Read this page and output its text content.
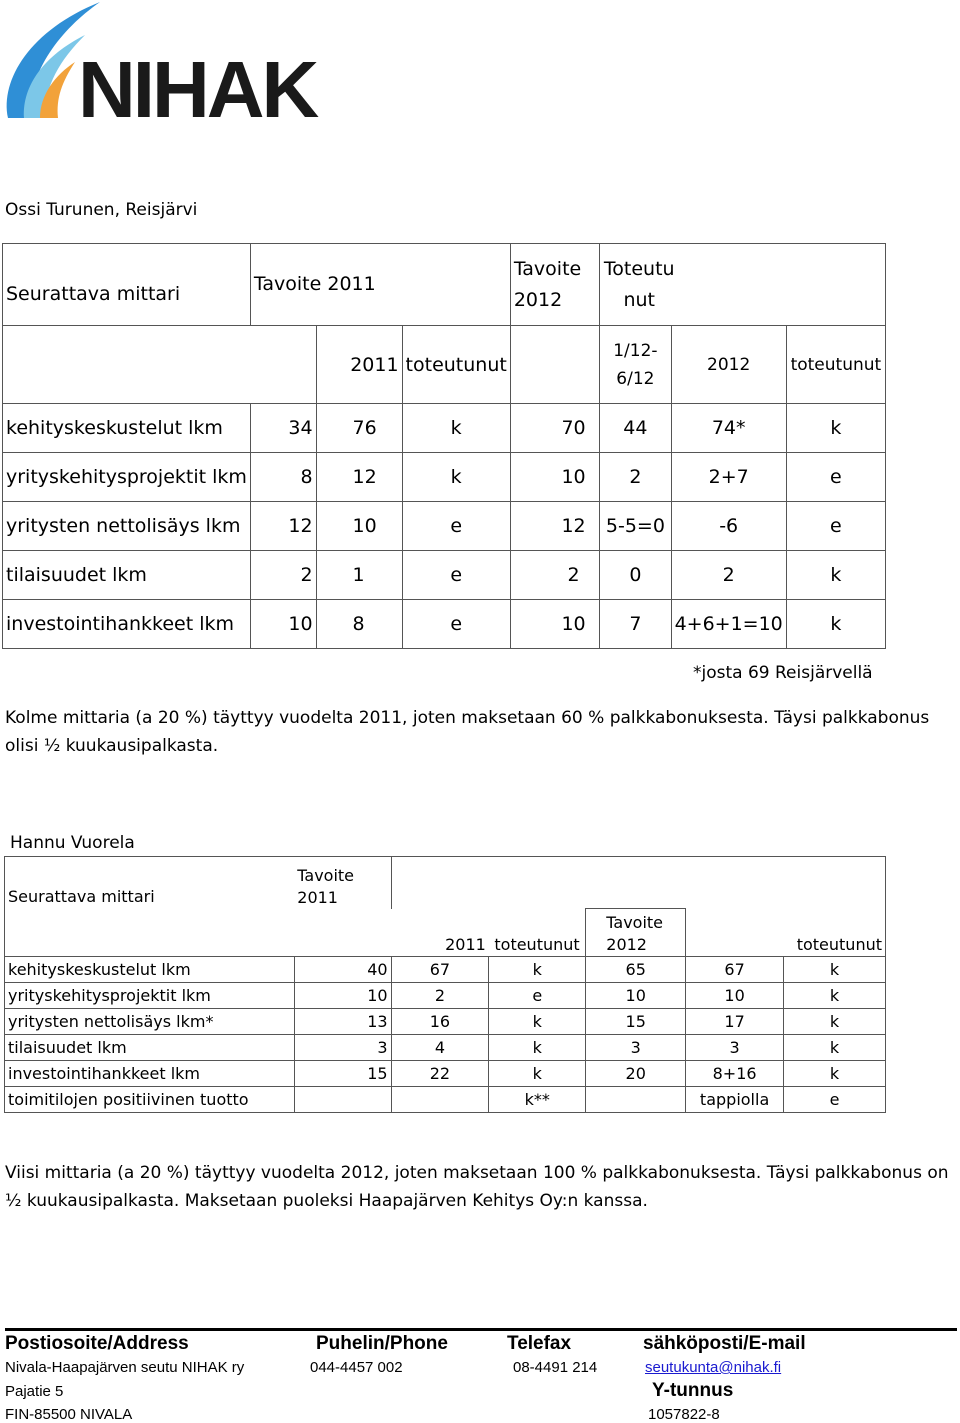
NIHAK
Ossi Turunen, Reisjärvi
Seurattava mittari	Tavoite 2011			Tavoite 2012	Toteutu nut		
		2011	toteutunut		1/12-6/12	2012	toteutunut
kehityskeskustelut lkm	34	76	k	70	44	74*	k
yrityskehitysprojektit lkm	8	12	k	10	2	2+7	e
yritysten nettolisäys lkm	12	10	e	12	5-5=0	-6	e
tilaisuudet lkm	2	1	e	2	0	2	k
investointihankkeet lkm	10	8	e	10	7	4+6+1=10	k
*josta 69 Reisjärvellä
Kolme mittaria (a 20 %) täyttyy vuodelta 2011, joten maksetaan 60 % palkkabonuksesta. Täysi palkkabonus olisi ½ kuukausipalkasta.
Hannu Vuorela
Seurattava mittari	Tavoite 2011					
		2011	toteutunut	Tavoite 2012		toteutunut
kehityskeskustelut lkm	40	67	k	65	67	k
yrityskehitysprojektit lkm	10	2	e	10	10	k
yritysten nettolisäys lkm*	13	16	k	15	17	k
tilaisuudet lkm	3	4	k	3	3	k
investointihankkeet lkm	15	22	k	20	8+16	k
toimitilojen positiivinen tuotto			k**		tappiolla	e
Viisi mittaria (a 20 %) täyttyy vuodelta 2012, joten maksetaan 100 % palkkabonuksesta. Täysi palkkabonus on ½ kuukausipalkasta. Maksetaan puoleksi Haapajärven Kehitys Oy:n kanssa.
Postiosoite/Address	Puhelin/Phone	Telefax	sähköposti/E-mail
Nivala-Haapajärven seutu NIHAK ry	044-4457 002	08-4491 214	seutukunta@nihak.fi
Pajatie 5	Y-tunnus
FIN-85500 NIVALA	1057822-8
